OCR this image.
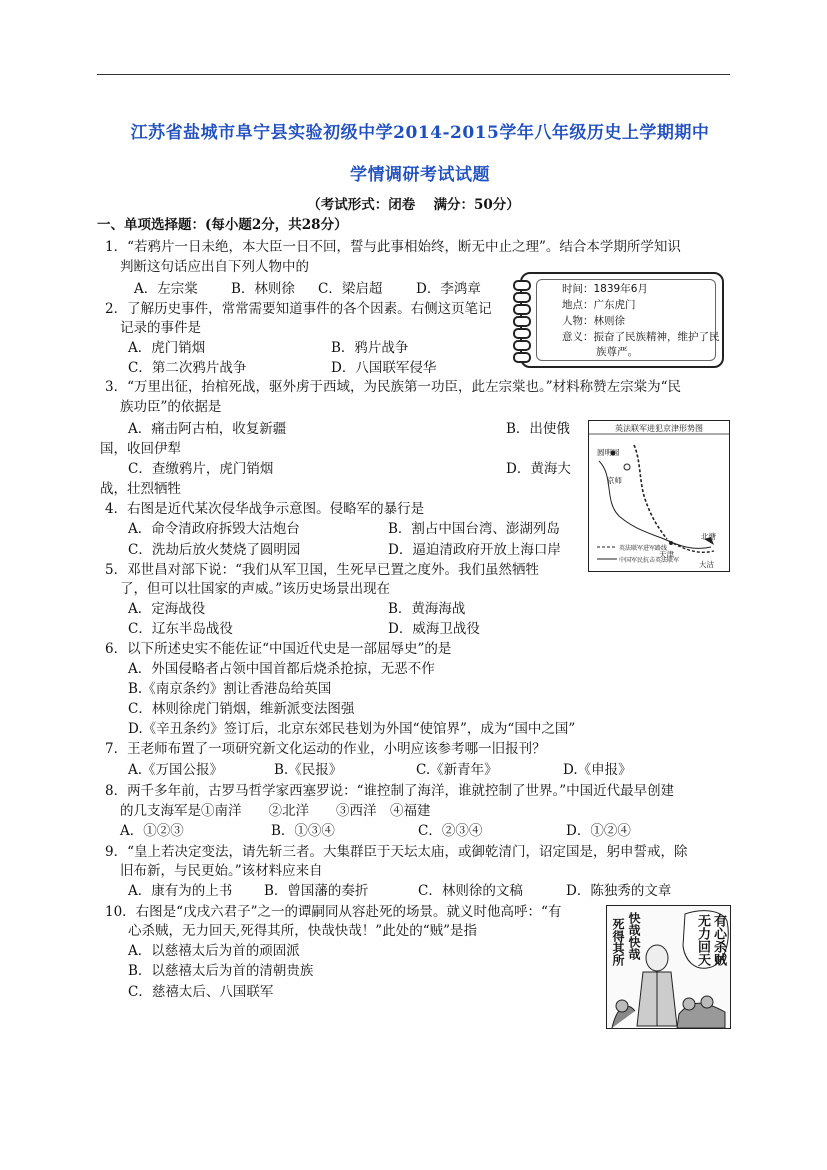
江苏省盐城市阜宁县实验初级中学2014-2015学年八年级历史上学期期中
学情调研考试试题
（考试形式：闭卷　 满分：50分）
一、单项选择题：(每小题2分，共28分）
1．“若鸦片一日未绝，本大臣一日不回，誓与此事相始终，断无中止之理”。结合本学期所学知识
判断这句话应出自下列人物中的
A．左宗棠 B．林则徐 C．梁启超 D．李鸿章
2．了解历史事件，常常需要知道事件的各个因素。右侧这页笔记
记录的事件是
A．虎门销烟	B．鸦片战争
C．第二次鸦片战争	D．八国联军侵华
时间：1839年6月
地点：广东虎门
人物：林则徐
意义：振奋了民族精神，维护了民
族尊严。
3．“万里出征，抬棺死战，驱外虏于西域，为民族第一功臣，此左宗棠也。”材料称赞左宗棠为“民
族功臣”的依据是
A．痛击阿古柏，收复新疆	B．出使俄
国，收回伊犁
C．查缴鸦片，虎门销烟	D．黄海大
战，壮烈牺牲
英法联军进犯京津形势图
圆明园
京师
天津
大沽
北塘
英法联军进军路线
中国军民抗击英法联军
4．右图是近代某次侵华战争示意图。侵略军的暴行是
A．命令清政府拆毁大沽炮台	B．割占中国台湾、澎湖列岛
C．洗劫后放火焚烧了圆明园	D．逼迫清政府开放上海口岸
5．邓世昌对部下说：“我们从军卫国，生死早已置之度外。我们虽然牺牲
了，但可以壮国家的声威。”该历史场景出现在
A．定海战役	B．黄海海战
C．辽东半岛战役	D．威海卫战役
6．以下所述史实不能佐证“中国近代史是一部屈辱史”的是
A．外国侵略者占领中国首都后烧杀抢掠，无恶不作
B.《南京条约》割让香港岛给英国
C．林则徐虎门销烟，维新派变法图强
D.《辛丑条约》签订后，北京东郊民巷划为外国“使馆界”，成为“国中之国”
7．王老师布置了一项研究新文化运动的作业，小明应该参考哪一旧报刊？
A.《万国公报》	B.《民报》	C.《新青年》	D.《申报》
8．两千多年前，古罗马哲学家西塞罗说：“谁控制了海洋，谁就控制了世界。”中国近代最早创建
的几支海军是①南洋　　②北洋　　③西洋　④福建
A．①②③	B．①③④	C．②③④	D．①②④
9．“皇上若决定变法，请先斩三者。大集群臣于天坛太庙，或御乾清门，诏定国是，躬申誓戒，除
旧布新，与民更始。”该材料应来自
A．康有为的上书 B．曾国藩的奏折	C．林则徐的文稿	D．陈独秀的文章
10．右图是“戊戌六君子”之一的谭嗣同从容赴死的场景。就义时他高呼：“有
心杀贼，无力回天,死得其所，快哉快哉！”此处的“贼”是指
A．以慈禧太后为首的顽固派
B．以慈禧太后为首的清朝贵族
C．慈禧太后、八国联军
有心杀贼
无力回天
死得其所 快哉快哉
